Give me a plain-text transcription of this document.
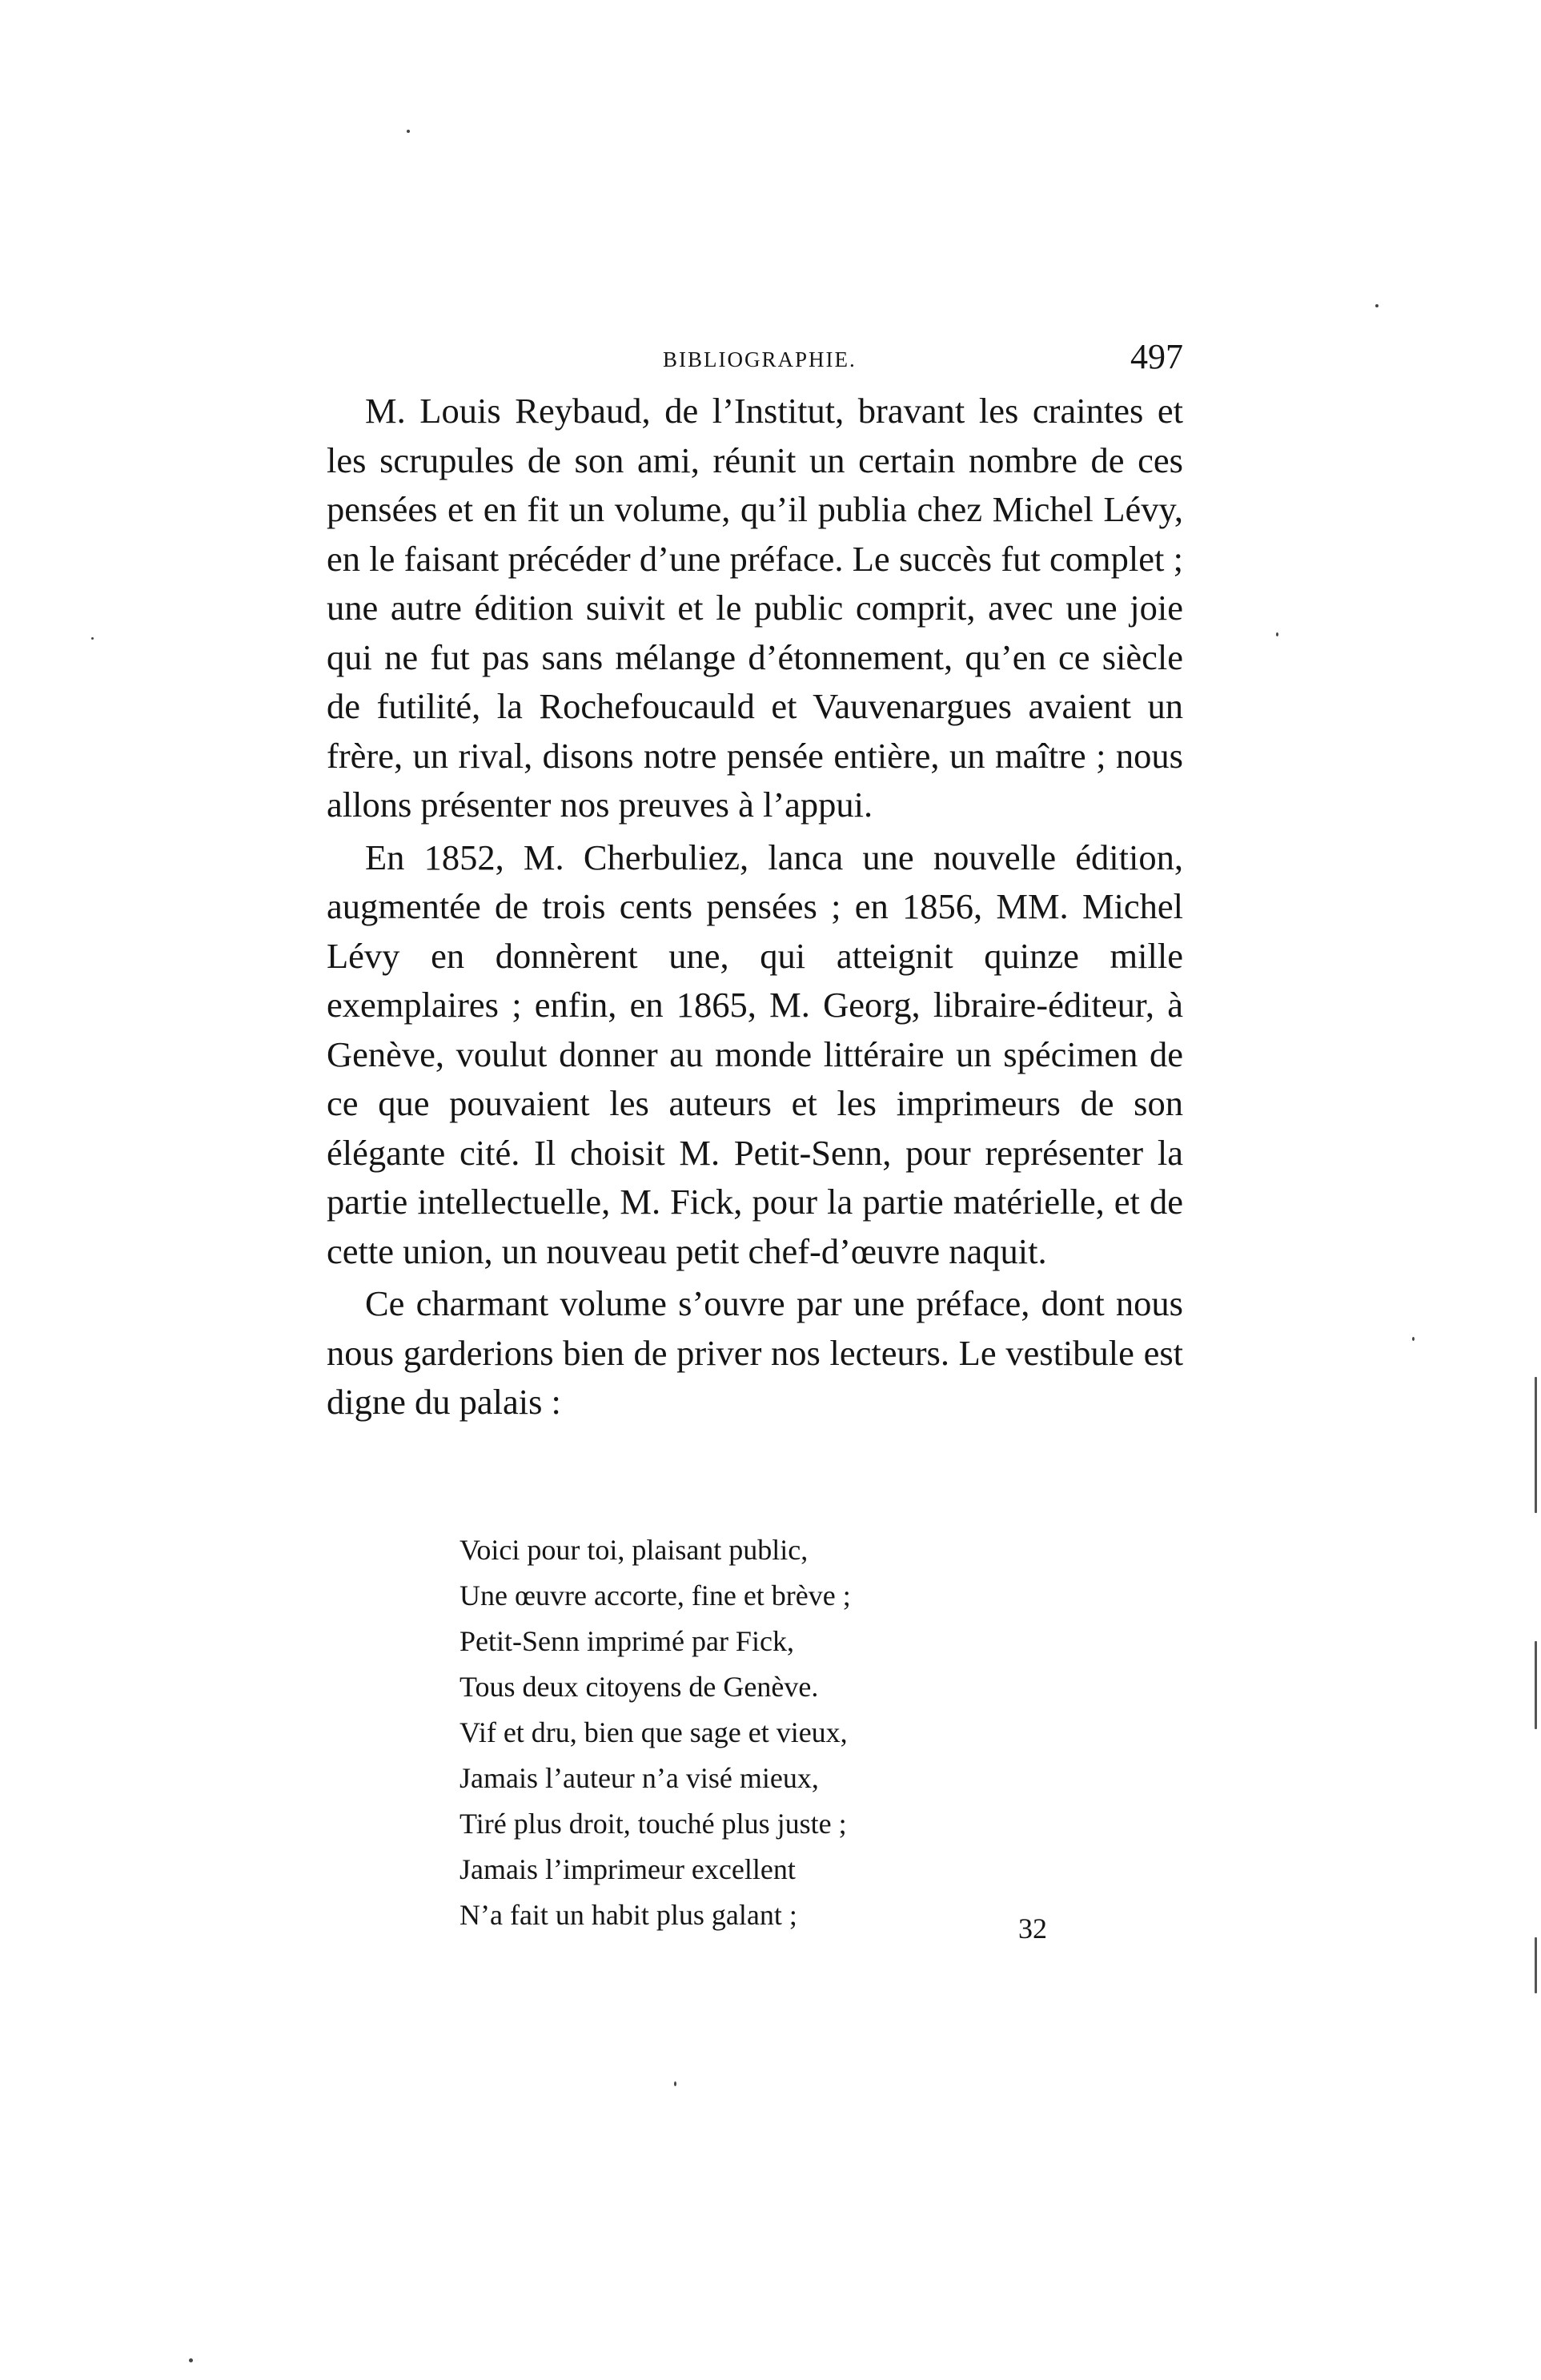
BIBLIOGRAPHIE.	497

M. Louis Reybaud, de l’Institut, bravant les craintes et les scrupules de son ami, réunit un certain nombre de ces pensées et en fit un volume, qu’il publia chez Michel Lévy, en le faisant précéder d’une préface. Le succès fut complet ; une autre édition suivit et le public comprit, avec une joie qui ne fut pas sans mélange d’étonnement, qu’en ce siècle de futilité, la Rochefoucauld et Vauvenargues avaient un frère, un rival, disons notre pensée entière, un maître ; nous allons présenter nos preuves à l’appui.

En 1852, M. Cherbuliez, lanca une nouvelle édition, augmentée de trois cents pensées ; en 1856, MM. Michel Lévy en donnèrent une, qui atteignit quinze mille exemplaires ; enfin, en 1865, M. Georg, libraire-éditeur, à Genève, voulut donner au monde littéraire un spécimen de ce que pouvaient les auteurs et les imprimeurs de son élégante cité. Il choisit M. Petit-Senn, pour représenter la partie intellectuelle, M. Fick, pour la partie matérielle, et de cette union, un nouveau petit chef-d’œuvre naquit.

Ce charmant volume s’ouvre par une préface, dont nous nous garderions bien de priver nos lecteurs. Le vestibule est digne du palais :

Voici pour toi, plaisant public,
Une œuvre accorte, fine et brève ;
Petit-Senn imprimé par Fick,
Tous deux citoyens de Genève.
Vif et dru, bien que sage et vieux,
Jamais l’auteur n’a visé mieux,
Tiré plus droit, touché plus juste ;
Jamais l’imprimeur excellent
N’a fait un habit plus galant ;	32
